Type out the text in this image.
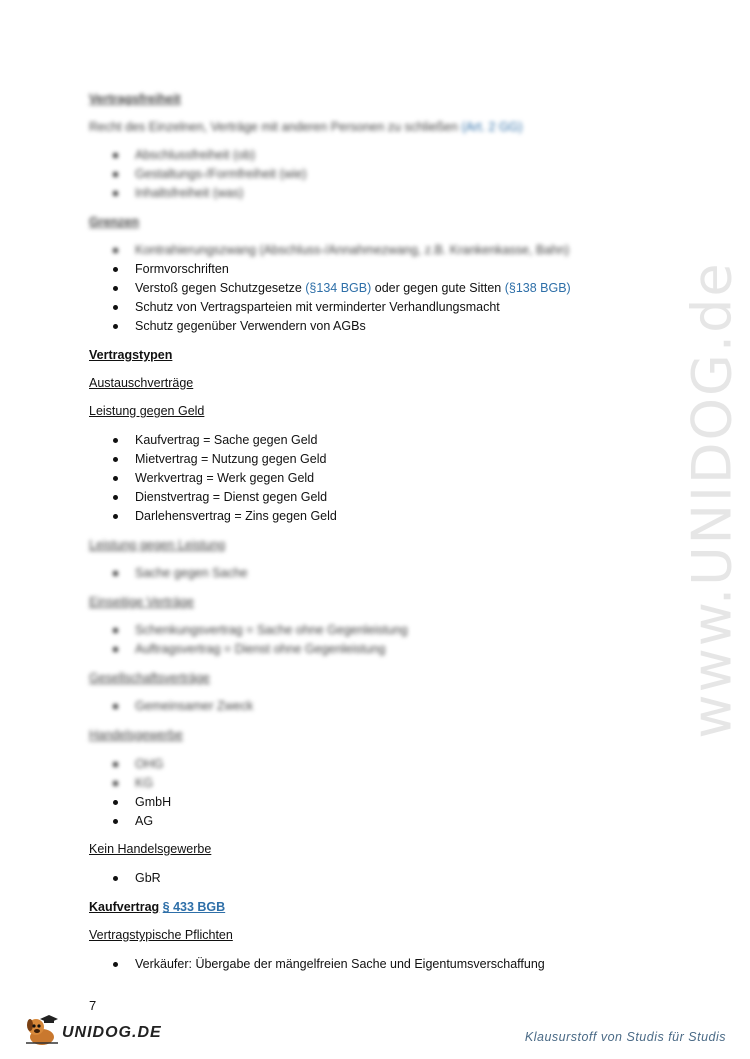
www.UNIDOG.de
Vertragsfreiheit
Recht des Einzelnen, Verträge mit anderen Personen zu schließen (Art. 2 GG)
Abschlussfreiheit (ob)
Gestaltungs-/Formfreiheit (wie)
Inhaltsfreiheit (was)
Grenzen
Kontrahierungszwang (Abschluss-/Annahmezwang, z.B. Krankenkasse, Bahn)
Formvorschriften
Verstoß gegen Schutzgesetze (§134 BGB) oder gegen gute Sitten (§138 BGB)
Schutz von Vertragsparteien mit verminderter Verhandlungsmacht
Schutz gegenüber Verwendern von AGBs
Vertragstypen
Austauschverträge
Leistung gegen Geld
Kaufvertrag = Sache gegen Geld
Mietvertrag = Nutzung gegen Geld
Werkvertrag = Werk gegen Geld
Dienstvertrag = Dienst gegen Geld
Darlehensvertrag = Zins gegen Geld
Leistung gegen Leistung
Sache gegen Sache
Einseitige Verträge
Schenkungsvertrag = Sache ohne Gegenleistung
Auftragsvertrag = Dienst ohne Gegenleistung
Gesellschaftsverträge
Gemeinsamer Zweck
Handelsgewerbe
OHG
KG
GmbH
AG
Kein Handelsgewerbe
GbR
Kaufvertrag § 433 BGB
Vertragstypische Pflichten
Verkäufer: Übergabe der mängelfreien Sache und Eigentumsverschaffung
7
UNIDOG.DE	Klausurstoff von Studis für Studis
